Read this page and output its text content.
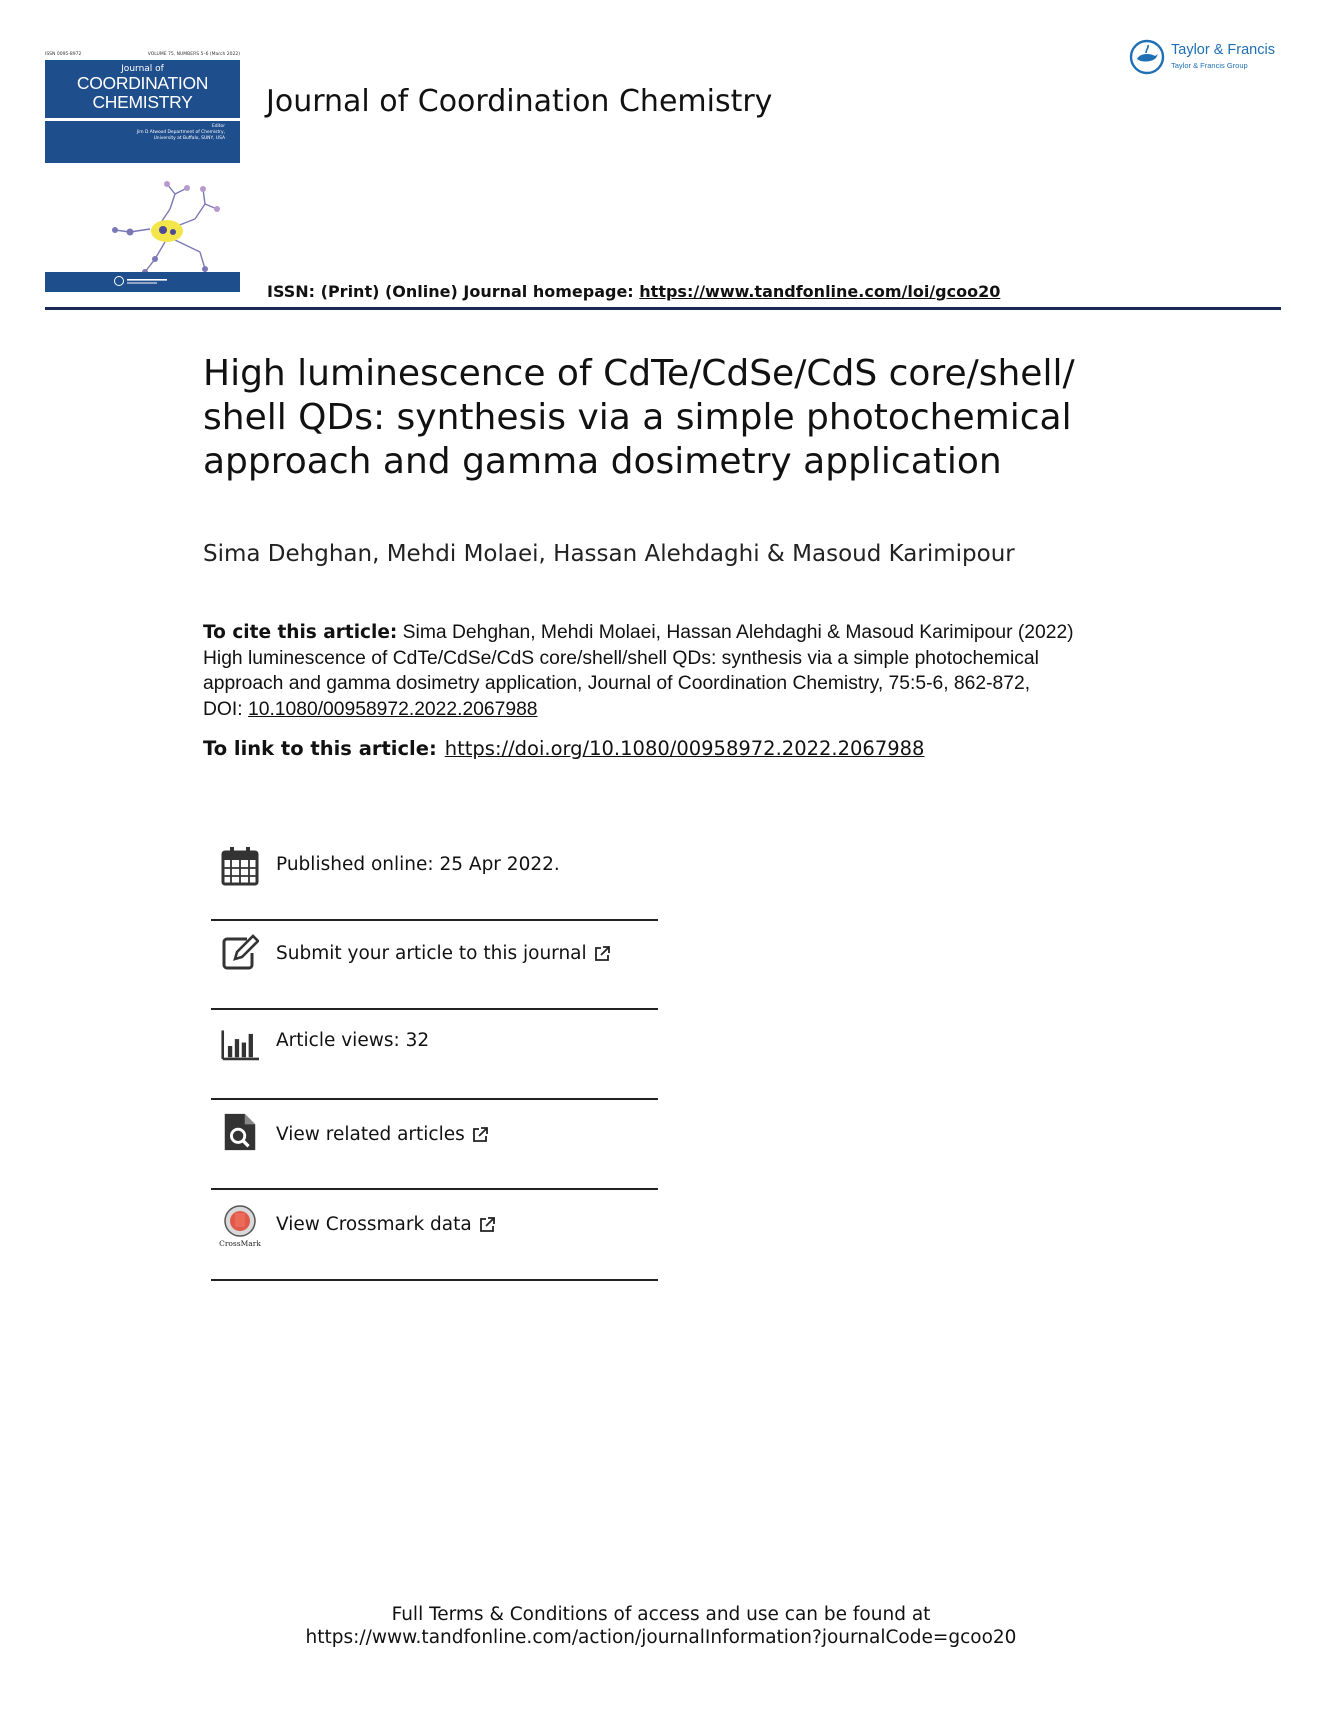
ISSN 0095-8972	VOLUME 75, NUMBERS 5–6 (March 2022)
Journal of
COORDINATION
CHEMISTRY
Editor
Jim D Atwood Department of Chemistry,
University at Buffalo, SUNY, USA
Journal of Coordination Chemistry
Taylor & Francis
Taylor & Francis Group
ISSN: (Print) (Online) Journal homepage: https://www.tandfonline.com/loi/gcoo20
High luminescence of CdTe/CdSe/CdS core/shell/
shell QDs: synthesis via a simple photochemical
approach and gamma dosimetry application
Sima Dehghan, Mehdi Molaei, Hassan Alehdaghi & Masoud Karimipour
To cite this article: Sima Dehghan, Mehdi Molaei, Hassan Alehdaghi & Masoud Karimipour (2022)
High luminescence of CdTe/CdSe/CdS core/shell/shell QDs: synthesis via a simple photochemical
approach and gamma dosimetry application, Journal of Coordination Chemistry, 75:5-6, 862-872,
DOI: 10.1080/00958972.2022.2067988
To link to this article: https://doi.org/10.1080/00958972.2022.2067988
Published online: 25 Apr 2022.
Submit your article to this journal
Article views: 32
View related articles
CrossMark
View Crossmark data
Full Terms & Conditions of access and use can be found at
https://www.tandfonline.com/action/journalInformation?journalCode=gcoo20
